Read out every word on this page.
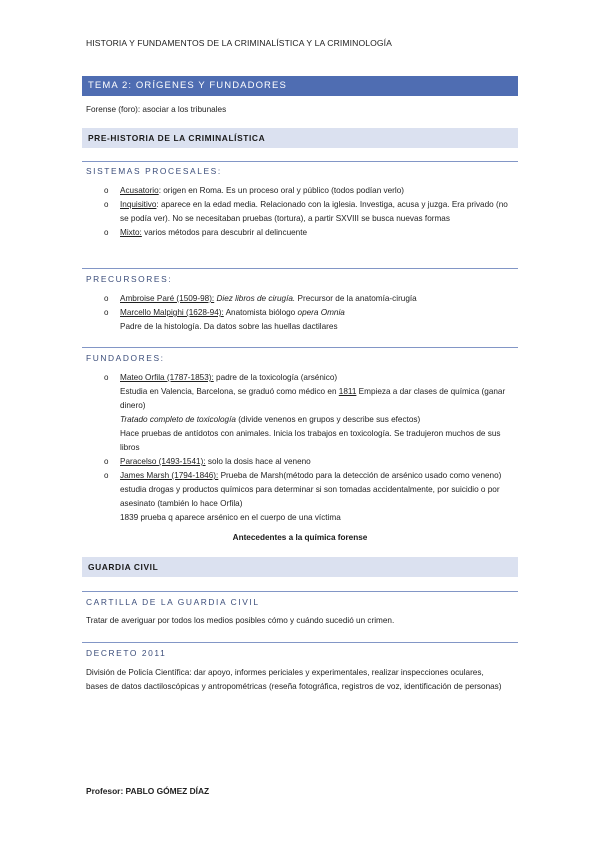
HISTORIA Y FUNDAMENTOS DE LA CRIMINALÍSTICA Y LA CRIMINOLOGÍA
TEMA 2: ORÍGENES Y FUNDADORES
Forense (foro): asociar a los tribunales
PRE-HISTORIA DE LA CRIMINALÍSTICA
SISTEMAS PROCESALES:
o Acusatorio: origen en Roma. Es un proceso oral y público (todos podían verlo)
o Inquisitivo: aparece en la edad media. Relacionado con la iglesia. Investiga, acusa y juzga. Era privado (no se podía ver). No se necesitaban pruebas (tortura), a partir SXVIII se busca nuevas formas
o Mixto: varios métodos para descubrir al delincuente
PRECURSORES:
o Ambroise Paré (1509-98): Diez libros de cirugía. Precursor de la anatomía-cirugía
o Marcello Malpighi (1628-94): Anatomista biólogo opera Omnia
Padre de la histología. Da datos sobre las huellas dactilares
FUNDADORES:
o Mateo Orfila (1787-1853): padre de la toxicología (arsénico)
Estudia en Valencia, Barcelona, se graduó como médico en 1811 Empieza a dar clases de química (ganar dinero)
Tratado completo de toxicología (divide venenos en grupos y describe sus efectos)
Hace pruebas de antídotos con animales. Inicia los trabajos en toxicología. Se tradujeron muchos de sus libros
o Paracelso (1493-1541): solo la dosis hace al veneno
o James Marsh (1794-1846): Prueba de Marsh(método para la detección de arsénico usado como veneno) estudia drogas y productos químicos para determinar si son tomadas accidentalmente, por suicidio o por asesinato (también lo hace Orfila)
1839 prueba q aparece arsénico en el cuerpo de una víctima
Antecedentes a la química forense
GUARDIA CIVIL
CARTILLA DE LA GUARDIA CIVIL
Tratar de averiguar por todos los medios posibles cómo y cuándo sucedió un crimen.
DECRETO 2011
División de Policía Científica: dar apoyo, informes periciales y experimentales, realizar inspecciones oculares, bases de datos dactiloscópicas y antropométricas (reseña fotográfica, registros de voz, identificación de personas)
Profesor: PABLO GÓMEZ DÍAZ
